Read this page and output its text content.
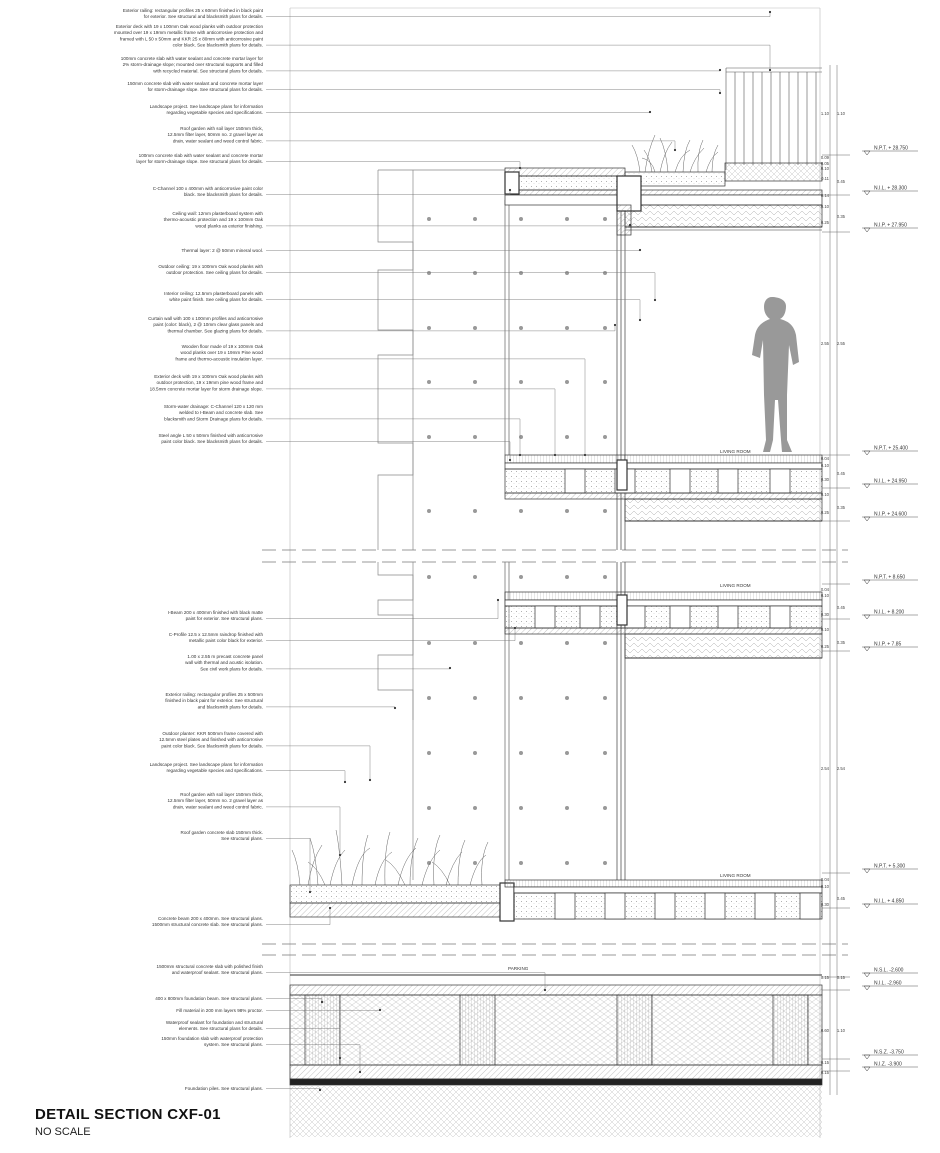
N.P.T. + 28.750
N.I.L. + 28.300
N.I.P. + 27.950
N.P.T. + 25.400
N.I.L. + 24.950
N.I.P. + 24.600
N.P.T. + 8.650
N.I.L. + 8.200
N.I.P. + 7.85
N.P.T. + 5.300
N.I.L. + 4.850
N.S.L. -2.600
N.I.L. -2.960
N.S.Z. -3.750
N.I.Z. -3.900
1.10 1.10
0.09
0.05
0.10
0.11
0.45
0.14
0.10
0.35
0.25
2.55 2.55
0.04
0.10
0.45
0.30
0.10
0.35
0.25
0.04
0.10
0.45
0.30
0.10
0.35
0.25
2.54 2.54
0.04
0.10
0.45
0.30
0.15 0.15
0.60 1.10
0.15
0.15
LIVING ROOM
LIVING ROOM
LIVING ROOM
PARKING
Exterior railing: rectangular profiles 25 x 60mm finished in black paint
for exterior. See structural and blacksmith plans for details.
Exterior deck with 19 x 100mm Oak wood planks with outdoor protection
mounted over 19 x 19mm metallic frame with anticorrosive protection and
framed with L 50 x 50mm and KKR 25 x 80mm with anticorrosive paint
color black. See blacksmith plans for details.
100mm concrete slab with water sealant and concrete mortar layer for
2% storm-drainage slope; mounted over structural supports and filled
with recycled material. See structural plans for details.
150mm concrete slab with water sealant and concrete mortar layer
for storm-drainage slope. See structural plans for details.
Landscape project. See landscape plans for information
regarding vegetable species and specifications.
Roof garden with soil layer 150mm thick,
12.5mm filter layer, 50mm no. 2 gravel layer as
drain, water sealant and weed control fabric.
100mm concrete slab with water sealant and concrete mortar
layer for storm-drainage slope. See structural plans for details.
C-Channel 100 x 400mm with anticorrosive paint color
black. See blacksmith plans for details.
Ceiling wall: 12mm plasterboard system with
thermo-acoustic protection and 19 x 100mm Oak
wood planks as exterior finishing.
Thermal layer: 2 @ 50mm mineral wool.
Outdoor ceiling: 19 x 100mm Oak wood planks with
outdoor protection. See ceiling plans for details.
Interior ceiling: 12.5mm plasterboard panels with
white paint finish. See ceiling plans for details.
Curtain wall with 100 x 100mm profiles and anticorrosive
paint (color: black), 2 @ 10mm clear glass panels and
thermal chamber. See glazing plans for details.
Wooden floor made of 19 x 100mm Oak
wood planks over 19 x 19mm Pine wood
frame and thermo-acoustic insulation layer.
Exterior deck with 19 x 100mm Oak wood planks with
outdoor protection, 19 x 19mm pine wood frame and
18.5mm concrete mortar layer for storm drainage slope.
Storm-water drainage: C-Channel 120 x 120 mm
welded to I-Beam and concrete slab. See
blacksmith and Storm Drainage plans for details.
Steel angle L 50 x 50mm finished with anticorrosive
paint color black. See blacksmith plans for details.
I-Beam 200 x 400mm finished with black matte
paint for exterior. See structural plans.
C-Profile 12.5 x 12.5mm raindrop finished with
metallic paint color black for exterior.
1.00 x 2.55 m precast concrete panel
wall with thermal and acustic isolation.
See civil work plans for details.
Exterior railing: rectangular profiles 25 x 500mm
finished in black paint for exterior. See structural
and blacksmith plans for details.
Outdoor planter: KKR 500mm frame covered with
12.5mm steel plates and finished with anticorrosive
paint color black. See blacksmith plans for details.
Landscape project. See landscape plans for information
regarding vegetable species and specifications.
Roof garden with soil layer 150mm thick,
12.5mm filter layer, 50mm no. 2 gravel layer as
drain, water sealant and weed control fabric.
Roof garden concrete slab 150mm thick.
See structural plans.
Concrete beam 200 x 400mm. See structural plans.
1500mm structural concrete slab. See structural plans.
1500mm structural concrete slab with polished finish
and waterproof sealant. See structural plans.
400 x 800mm foundation beam. See structural plans.
Fill material in 200 mm layers 98% proctor.
Waterproof sealant for foundation and structural
elements. See structural plans for details.
150mm foundation slab with waterproof protection
system. See structural plans.
Foundation piles. See structural plans.
DETAIL SECTION CXF-01

NO SCALE
